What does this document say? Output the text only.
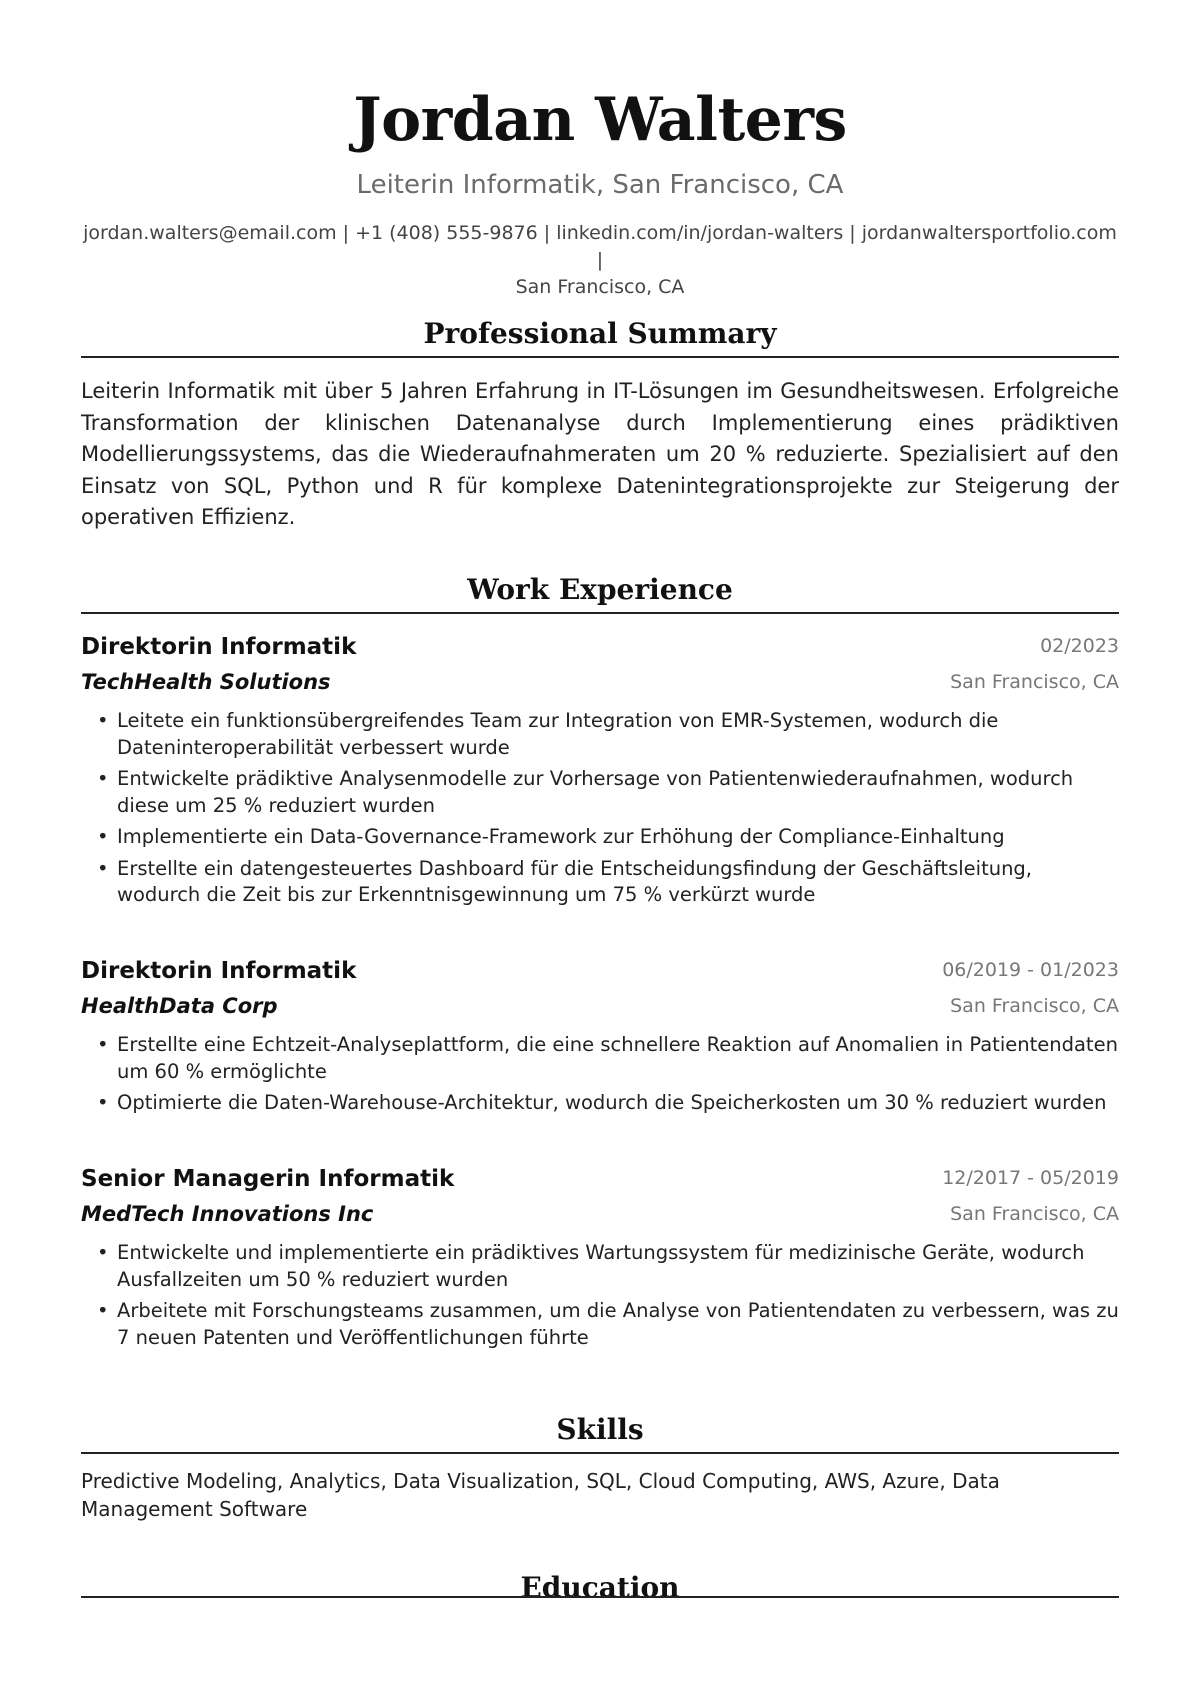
Jordan Walters
Leiterin Informatik, San Francisco, CA
jordan.walters@email.com | +1 (408) 555-9876 | linkedin.com/in/jordan-walters | jordanwaltersportfolio.com |
San Francisco, CA
Professional Summary
Leiterin Informatik mit über 5 Jahren Erfahrung in IT-Lösungen im Gesundheitswesen. Erfolgreiche Transformation der klinischen Datenanalyse durch Implementierung eines prädiktiven Modellierungssystems, das die Wiederaufnahmeraten um 20 % reduzierte. Spezialisiert auf den Einsatz von SQL, Python und R für komplexe Datenintegrationsprojekte zur Steigerung der operativen Effizienz.
Work Experience
Direktorin Informatik	02/2023
TechHealth Solutions	San Francisco, CA
• Leitete ein funktionsübergreifendes Team zur Integration von EMR-Systemen, wodurch die Dateninteroperabilität verbessert wurde
• Entwickelte prädiktive Analysenmodelle zur Vorhersage von Patientenwiederaufnahmen, wodurch diese um 25 % reduziert wurden
• Implementierte ein Data-Governance-Framework zur Erhöhung der Compliance-Einhaltung
• Erstellte ein datengesteuertes Dashboard für die Entscheidungsfindung der Geschäftsleitung, wodurch die Zeit bis zur Erkenntnisgewinnung um 75 % verkürzt wurde
Direktorin Informatik	06/2019 - 01/2023
HealthData Corp	San Francisco, CA
• Erstellte eine Echtzeit-Analyseplattform, die eine schnellere Reaktion auf Anomalien in Patientendaten um 60 % ermöglichte
• Optimierte die Daten-Warehouse-Architektur, wodurch die Speicherkosten um 30 % reduziert wurden
Senior Managerin Informatik	12/2017 - 05/2019
MedTech Innovations Inc	San Francisco, CA
• Entwickelte und implementierte ein prädiktives Wartungssystem für medizinische Geräte, wodurch Ausfallzeiten um 50 % reduziert wurden
• Arbeitete mit Forschungsteams zusammen, um die Analyse von Patientendaten zu verbessern, was zu 7 neuen Patenten und Veröffentlichungen führte
Skills
Predictive Modeling, Analytics, Data Visualization, SQL, Cloud Computing, AWS, Azure, Data Management Software
Education
